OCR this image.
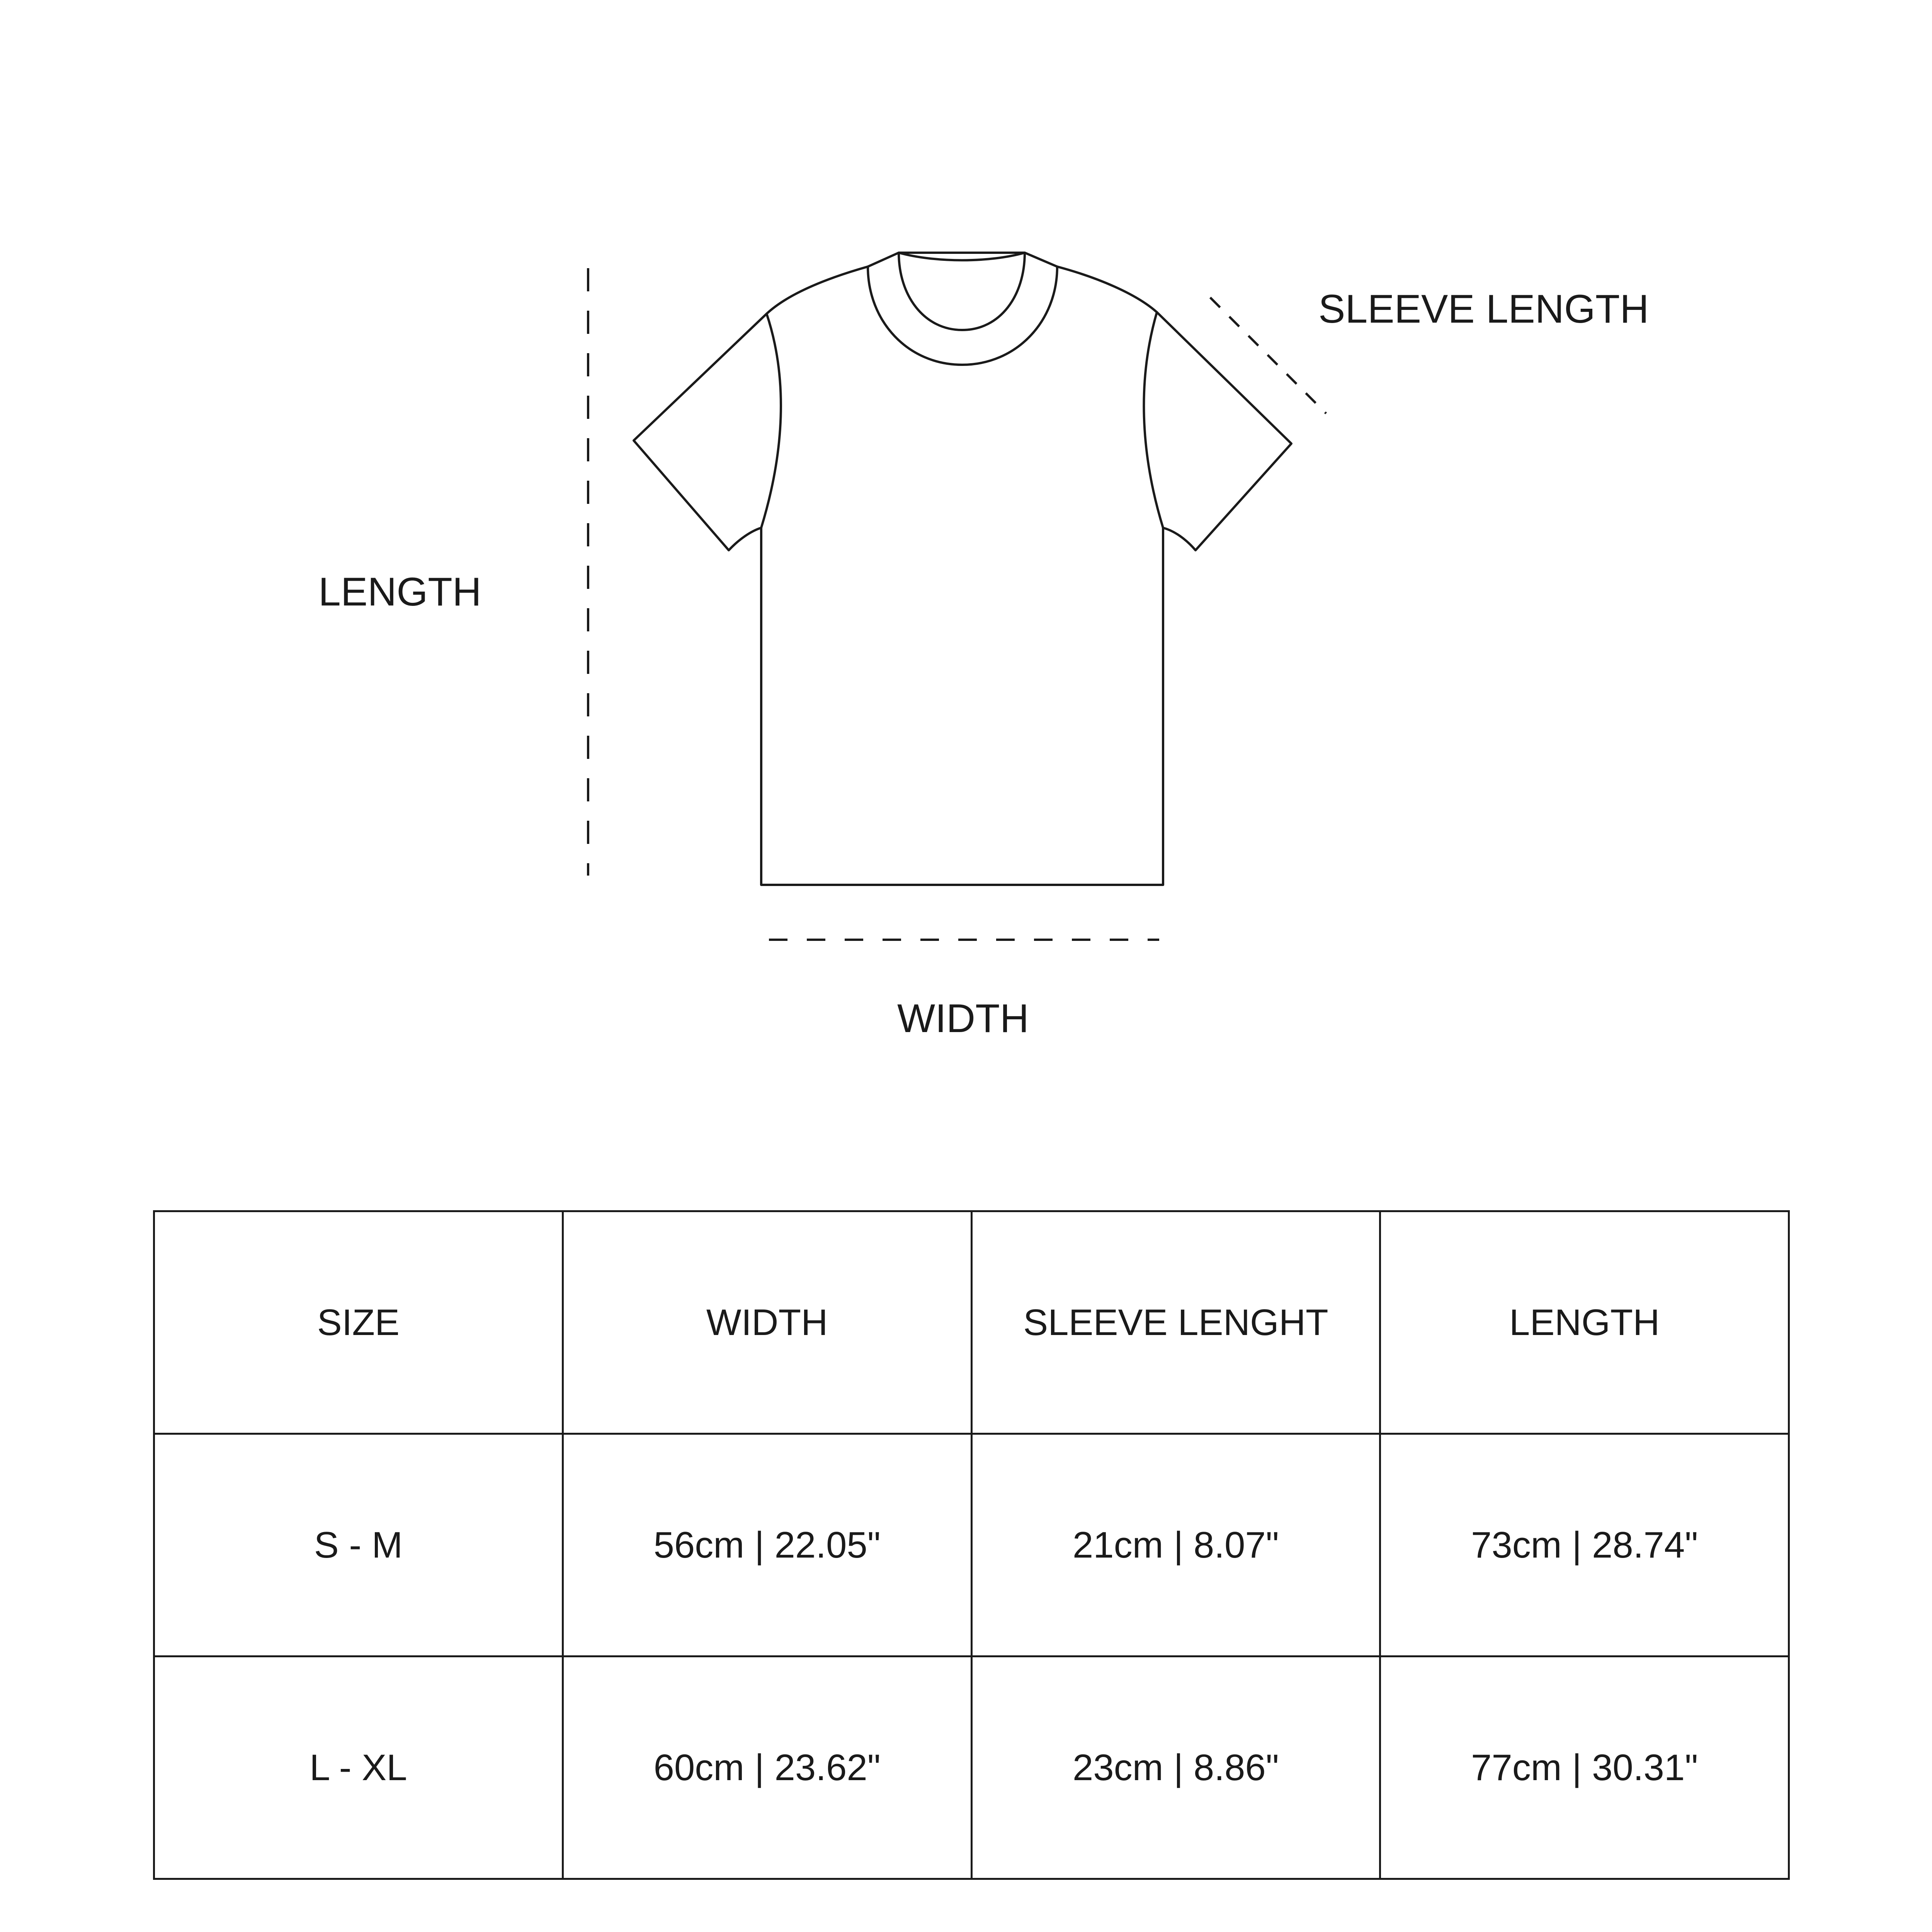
SLEEVE LENGTH
LENGTH
WIDTH
SIZE	WIDTH	SLEEVE LENGHT	LENGTH
S - M	56cm | 22.05"	21cm | 8.07"	73cm | 28.74"
L - XL	60cm | 23.62"	23cm | 8.86"	77cm | 30.31"
